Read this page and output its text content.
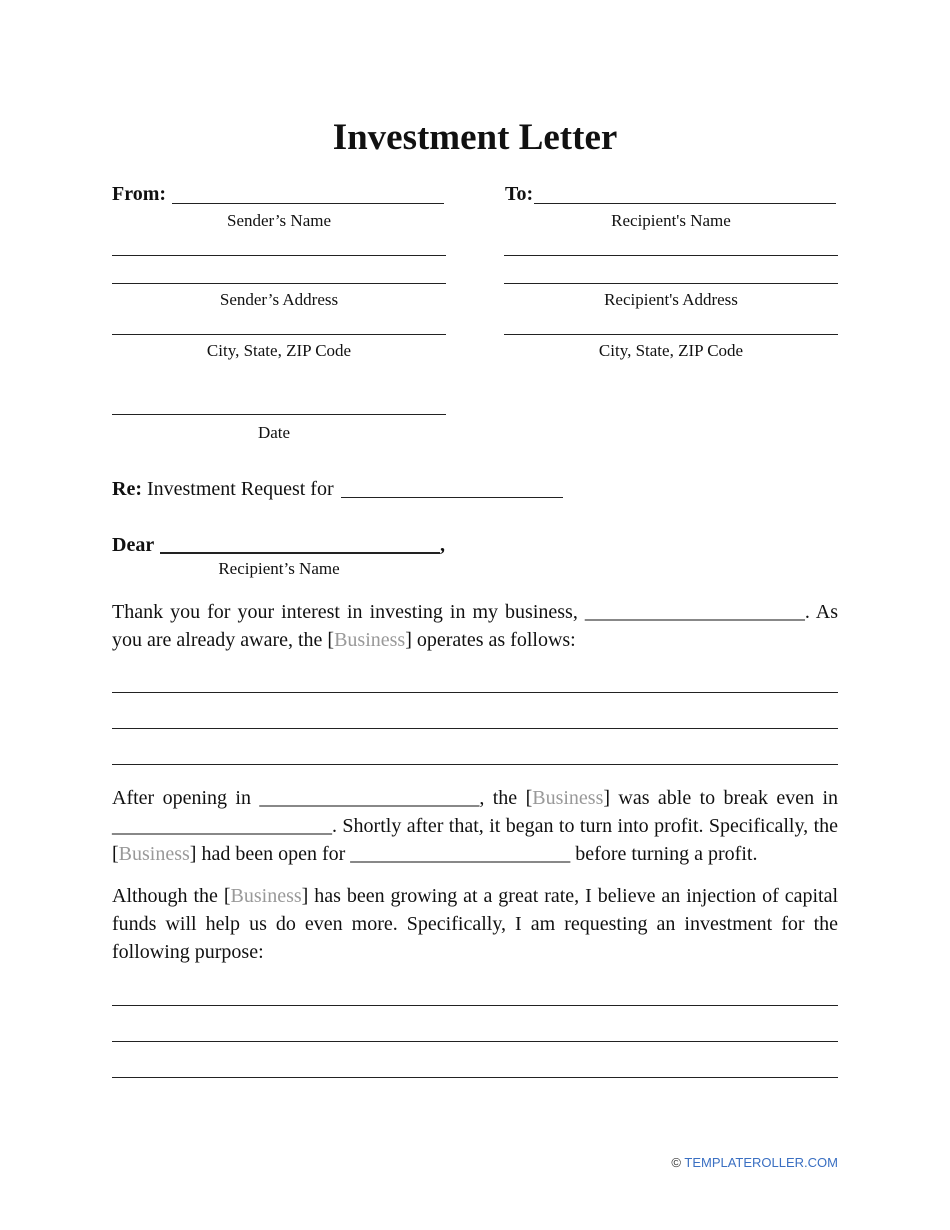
Investment Letter
From:
Sender’s Name
Sender’s Address
City, State, ZIP Code
To:
Recipient's Name
Recipient's Address
City, State, ZIP Code
Date
Re: Investment Request for
Dear	,
Recipient’s Name
Thank you for your interest in investing in my business, ______________________. As you are already aware, the [Business] operates as follows:
After opening in ______________________, the [Business] was able to break even in ______________________. Shortly after that, it began to turn into profit. Specifically, the [Business] had been open for ______________________ before turning a profit.
Although the [Business] has been growing at a great rate, I believe an injection of capital funds will help us do even more. Specifically, I am requesting an investment for the following purpose:
© TEMPLATEROLLER.COM
